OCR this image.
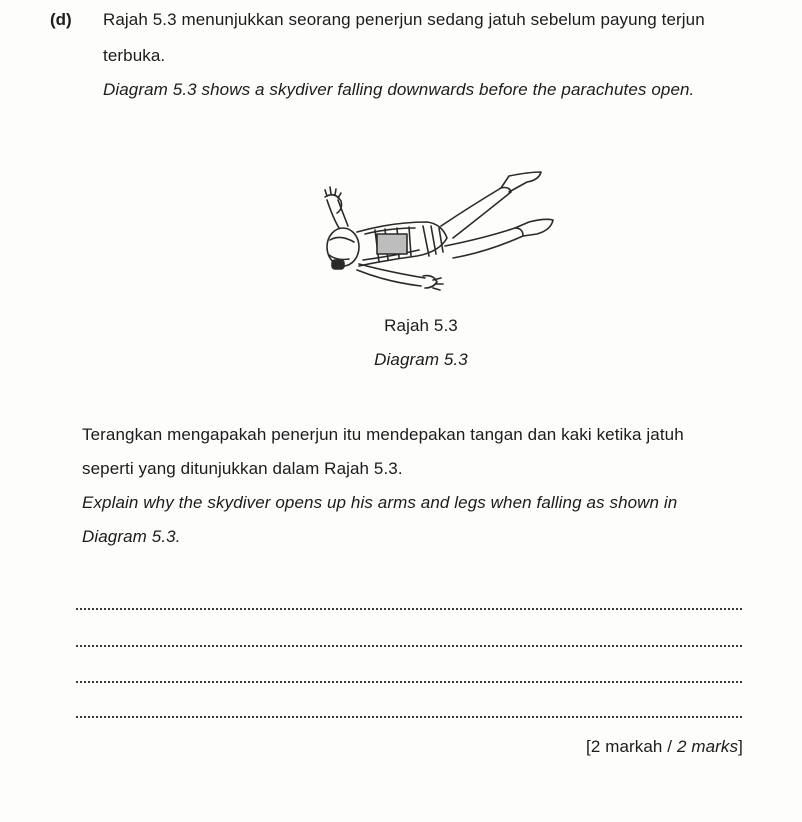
(d) Rajah 5.3 menunjukkan seorang penerjun sedang jatuh sebelum payung terjun
terbuka.
Diagram 5.3 shows a skydiver falling downwards before the parachutes open.
Rajah 5.3
Diagram 5.3
Terangkan mengapakah penerjun itu mendepakan tangan dan kaki ketika jatuh
seperti yang ditunjukkan dalam Rajah 5.3.
Explain why the skydiver opens up his arms and legs when falling as shown in
Diagram 5.3.
[2 markah / 2 marks]
